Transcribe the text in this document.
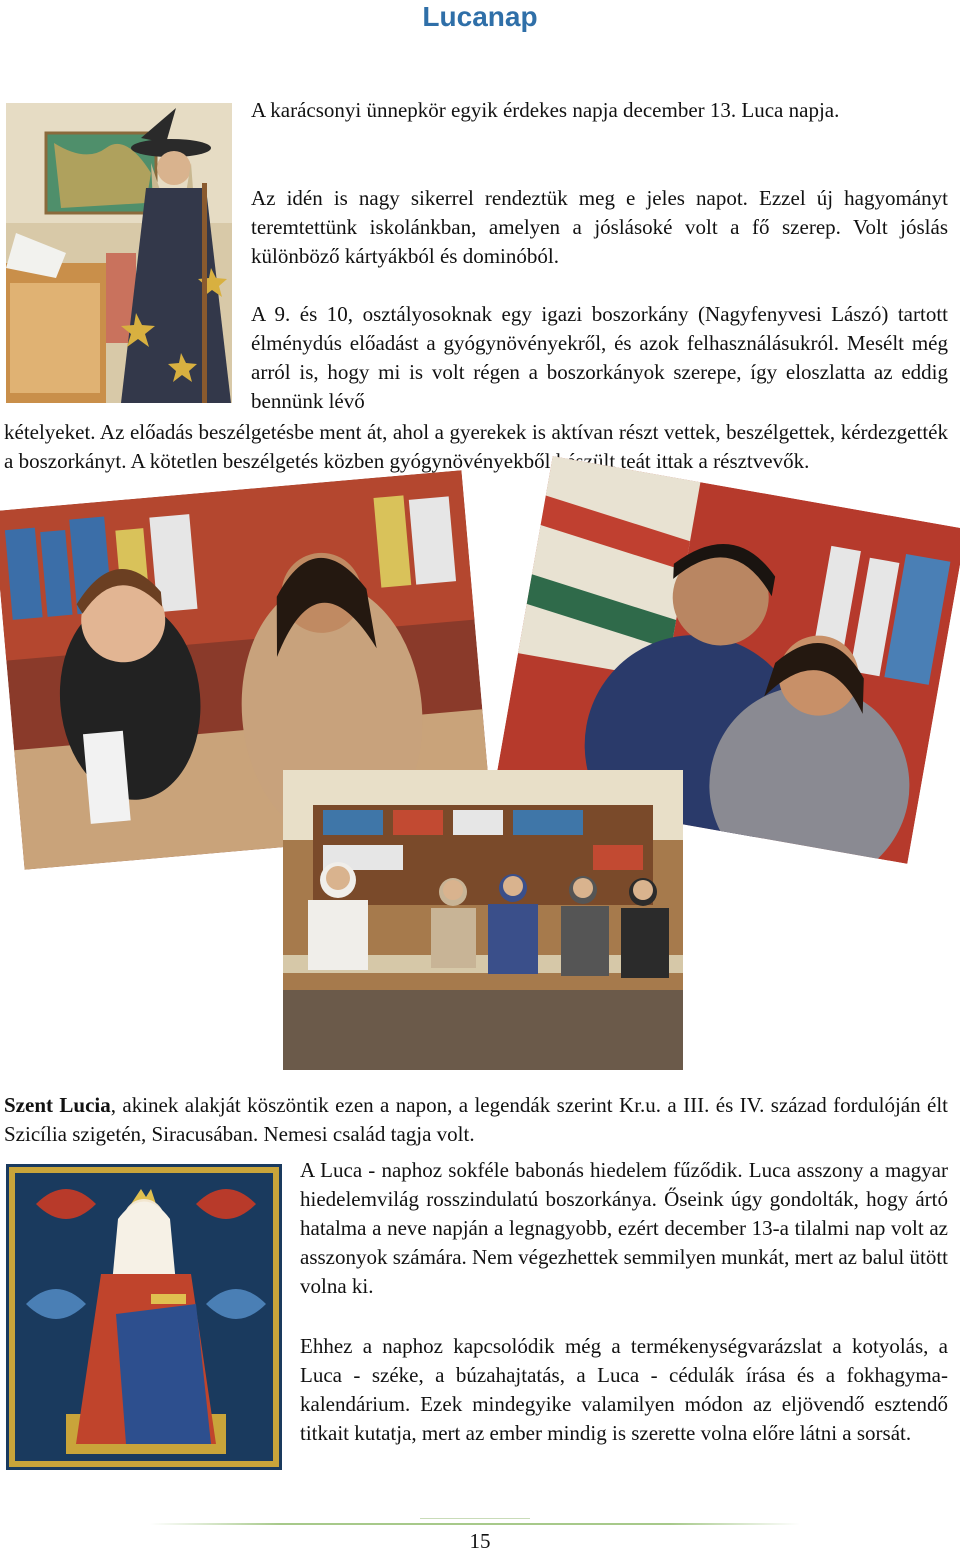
Lucanap

A karácsonyi ünnepkör egyik érdekes napja december 13. Luca napja.

Az idén is nagy sikerrel rendeztük meg e jeles napot. Ezzel új hagyományt teremtettünk iskolánkban, amelyen a jóslásoké volt a fő szerep. Volt jóslás különböző kártyákból és dominóból.

A 9. és 10, osztályosoknak egy igazi boszorkány (Nagyfenyvesi Lászó) tartott élménydús előadást a gyógynövényekről, és azok felhasználásukról. Mesélt még arról is, hogy mi is volt régen a boszorkányok szerepe, így eloszlatta az eddig bennünk lévő

kételyeket. Az előadás beszélgetésbe ment át, ahol a gyerekek is aktívan részt vettek, beszélgettek, kérdezgették a boszorkányt. A kötetlen beszélgetés közben gyógynövényekből készült teát ittak a résztvevők.

Szent Lucia, akinek alakját köszöntik ezen a napon, a legendák szerint Kr.u. a III. és IV. század fordulóján élt Szicília szigetén, Siracusában. Nemesi család tagja volt.

A Luca - naphoz sokféle babonás hiedelem fűződik. Luca asszony a magyar hiedelemvilág rosszindulatú boszorkánya. Őseink úgy gondolták, hogy ártó hatalma a neve napján a legnagyobb, ezért december 13-a tilalmi nap volt az asszonyok számára. Nem végezhettek semmilyen munkát, mert az balul ütött volna ki.

Ehhez a naphoz kapcsolódik még a termékenységvarázslat a kotyolás, a Luca - széke, a búzahajtatás, a Luca - cédulák írása és a fokhagyma-kalendárium. Ezek mindegyike valamilyen módon az eljövendő esztendő titkait kutatja, mert az ember mindig is szerette volna előre látni a sorsát.

15
